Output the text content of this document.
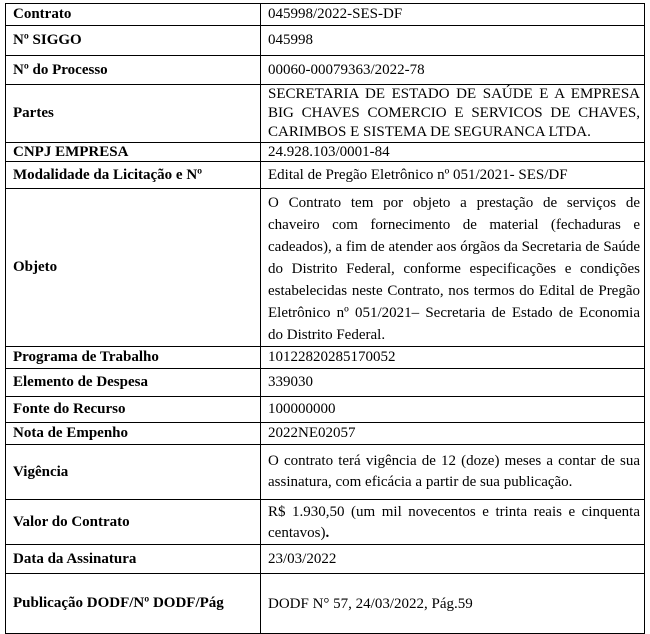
Contrato	045998/2022-SES-DF
Nº SIGGO	045998
Nº do Processo	00060-00079363/2022-78
Partes	SECRETARIA DE ESTADO DE SAÚDE E A EMPRESA BIG CHAVES COMERCIO E SERVICOS DE CHAVES, CARIMBOS E SISTEMA DE SEGURANCA LTDA.
CNPJ EMPRESA	24.928.103/0001-84
Modalidade da Licitação e Nº	Edital de Pregão Eletrônico nº 051/2021- SES/DF
Objeto	O Contrato tem por objeto a prestação de serviços de chaveiro com fornecimento de material (fechaduras e cadeados), a fim de atender aos órgãos da Secretaria de Saúde do Distrito Federal, conforme especificações e condições estabelecidas neste Contrato, nos termos do Edital de Pregão Eletrônico nº 051/2021– Secretaria de Estado de Economia do Distrito Federal.
Programa de Trabalho	10122820285170052
Elemento de Despesa	339030
Fonte do Recurso	100000000
Nota de Empenho	2022NE02057
Vigência	O contrato terá vigência de 12 (doze) meses a contar de sua assinatura, com eficácia a partir de sua publicação.
Valor do Contrato	R$ 1.930,50 (um mil novecentos e trinta reais e cinquenta centavos).
Data da Assinatura	23/03/2022
Publicação DODF/Nº DODF/Pág	DODF N° 57, 24/03/2022, Pág.59
